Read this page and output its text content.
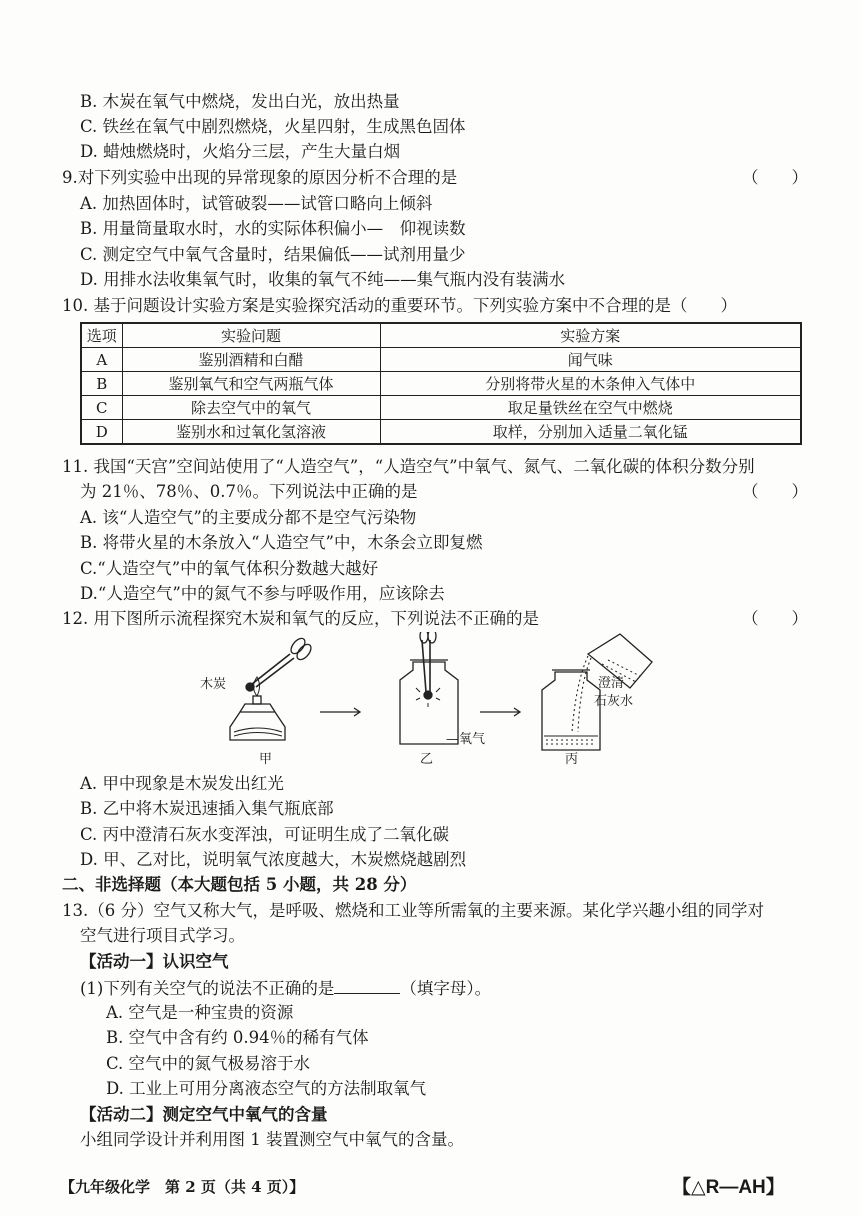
B. 木炭在氧气中燃烧，发出白光，放出热量
C. 铁丝在氧气中剧烈燃烧，火星四射，生成黑色固体
D. 蜡烛燃烧时，火焰分三层，产生大量白烟
9.对下列实验中出现的异常现象的原因分析不合理的是	（　　）
A. 加热固体时，试管破裂——试管口略向上倾斜
B. 用量筒量取水时，水的实际体积偏小—　仰视读数
C. 测定空气中氧气含量时，结果偏低——试剂用量少
D. 用排水法收集氧气时，收集的氧气不纯——集气瓶内没有装满水
10. 基于问题设计实验方案是实验探究活动的重要环节。下列实验方案中不合理的是（　　）
选项	实验问题	实验方案
A	鉴别酒精和白醋	闻气味
B	鉴别氧气和空气两瓶气体	分别将带火星的木条伸入气体中
C	除去空气中的氧气	取足量铁丝在空气中燃烧
D	鉴别水和过氧化氢溶液	取样，分别加入适量二氧化锰
11. 我国“天宫”空间站使用了“人造空气”，“人造空气”中氧气、氮气、二氧化碳的体积分数分别
为 21％、78％、0.7％。下列说法中正确的是	（　　）
A. 该“人造空气”的主要成分都不是空气污染物
B. 将带火星的木条放入“人造空气”中，木条会立即复燃
C.“人造空气”中的氧气体积分数越大越好
D.“人造空气”中的氮气不参与呼吸作用，应该除去
12. 用下图所示流程探究木炭和氧气的反应，下列说法不正确的是	（　　）
木炭
—氧气
澄清
石灰水
甲	乙	丙
A. 甲中现象是木炭发出红光
B. 乙中将木炭迅速插入集气瓶底部
C. 丙中澄清石灰水变浑浊，可证明生成了二氧化碳
D. 甲、乙对比，说明氧气浓度越大，木炭燃烧越剧烈
二、非选择题（本大题包括 5 小题，共 28 分）
13.（6 分）空气又称大气，是呼吸、燃烧和工业等所需氧的主要来源。某化学兴趣小组的同学对
空气进行项目式学习。
【活动一】认识空气
(1)下列有关空气的说法不正确的是	（填字母）。
A. 空气是一种宝贵的资源
B. 空气中含有约 0.94％的稀有气体
C. 空气中的氮气极易溶于水
D. 工业上可用分离液态空气的方法制取氧气
【活动二】测定空气中氧气的含量
小组同学设计并利用图 1 装置测空气中氧气的含量。
【九年级化学　第 2 页（共 4 页）】	【△R—AH】
